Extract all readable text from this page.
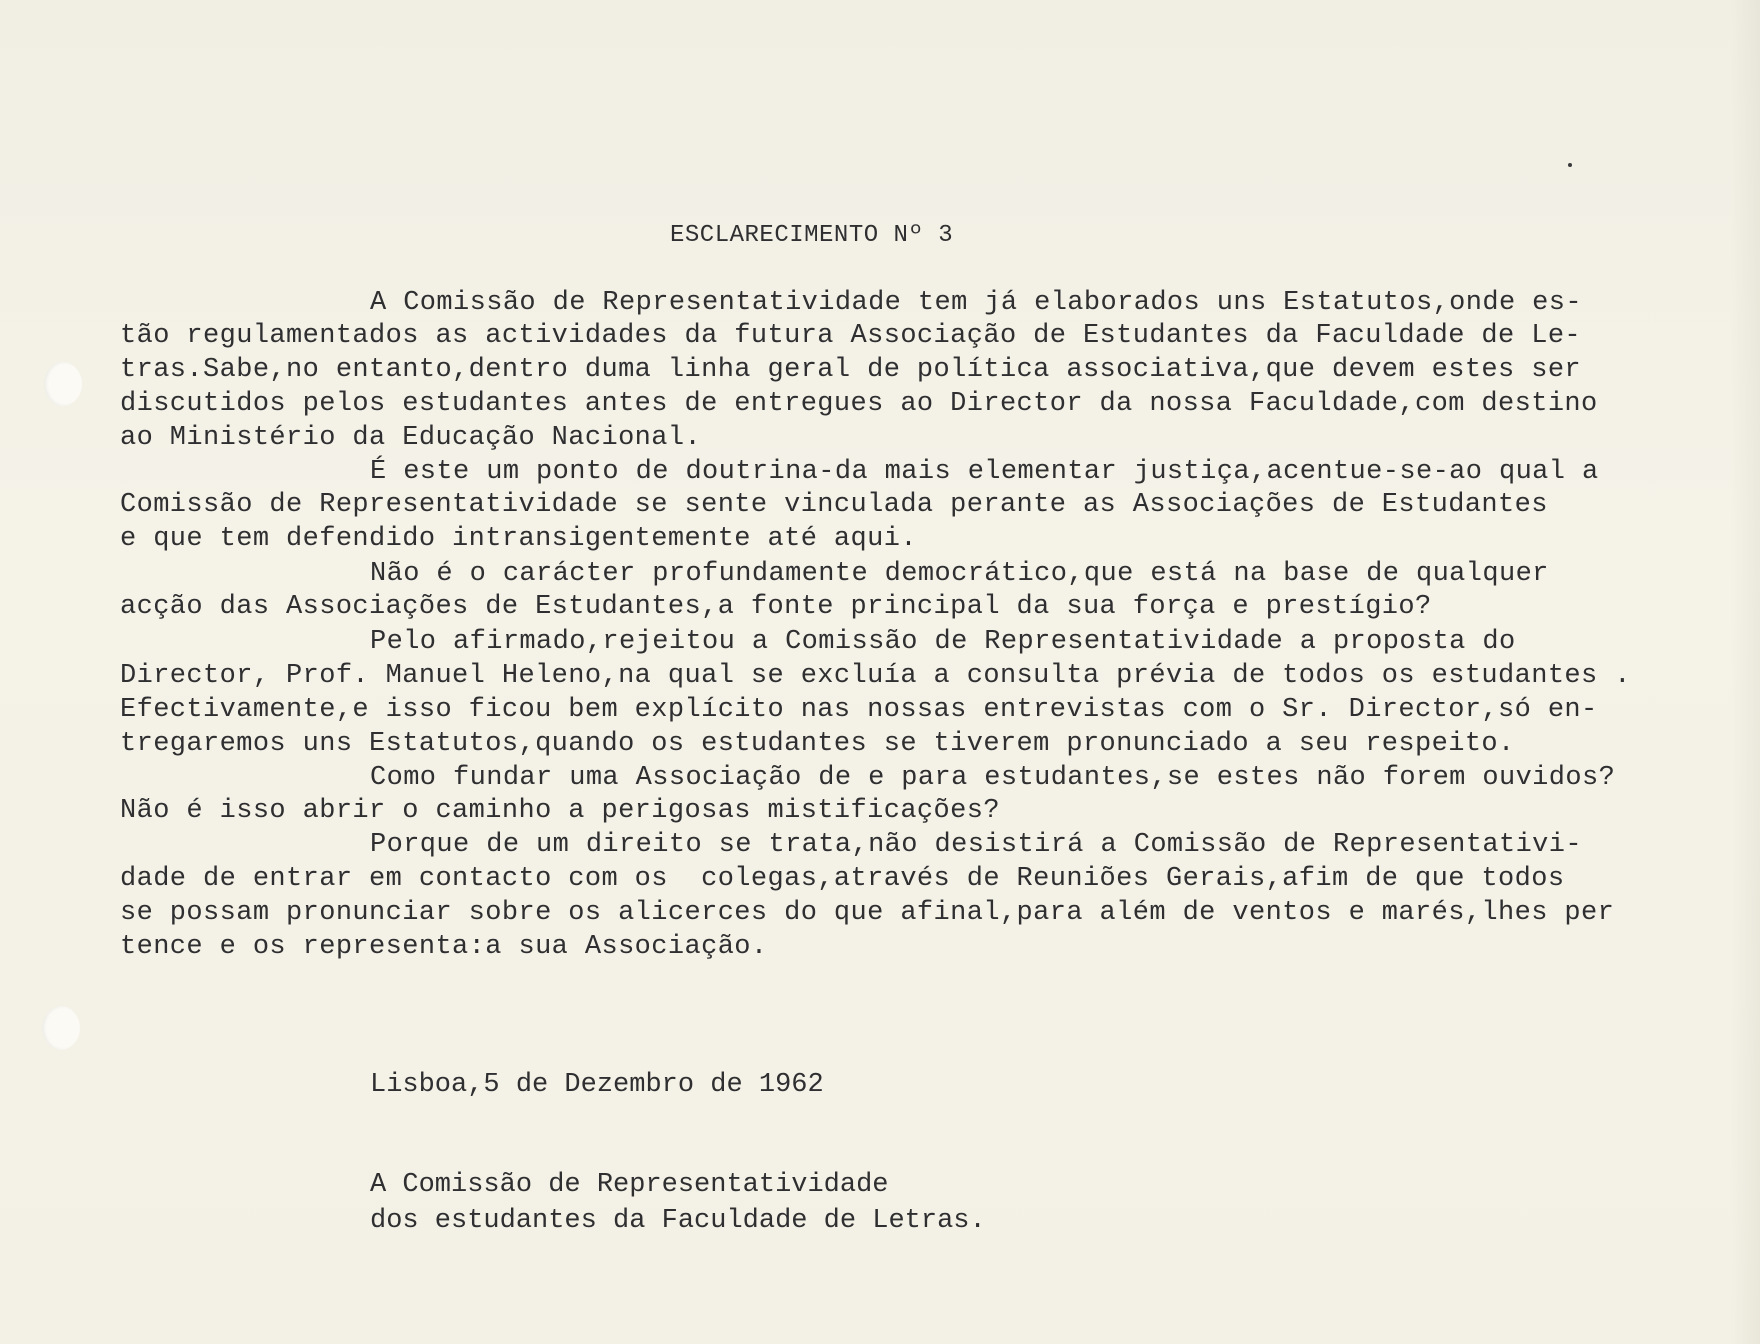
ESCLARECIMENTO Nº 3
A Comissão de Representatividade tem já elaborados uns Estatutos,onde es-
tão regulamentados as actividades da futura Associação de Estudantes da Faculdade de Le-
tras.Sabe,no entanto,dentro duma linha geral de política associativa,que devem estes ser
discutidos pelos estudantes antes de entregues ao Director da nossa Faculdade,com destino
ao Ministério da Educação Nacional.
É este um ponto de doutrina-da mais elementar justiça,acentue-se-ao qual a
Comissão de Representatividade se sente vinculada perante as Associações de Estudantes
e que tem defendido intransigentemente até aqui.
Não é o carácter profundamente democrático,que está na base de qualquer
acção das Associações de Estudantes,a fonte principal da sua força e prestígio?
Pelo afirmado,rejeitou a Comissão de Representatividade a proposta do
Director, Prof. Manuel Heleno,na qual se excluía a consulta prévia de todos os estudantes .
Efectivamente,e isso ficou bem explícito nas nossas entrevistas com o Sr. Director,só en-
tregaremos uns Estatutos,quando os estudantes se tiverem pronunciado a seu respeito.
Como fundar uma Associação de e para estudantes,se estes não forem ouvidos?
Não é isso abrir o caminho a perigosas mistificações?
Porque de um direito se trata,não desistirá a Comissão de Representativi-
dade de entrar em contacto com os  colegas,através de Reuniões Gerais,afim de que todos
se possam pronunciar sobre os alicerces do que afinal,para além de ventos e marés,lhes per
tence e os representa:a sua Associação.
Lisboa,5 de Dezembro de 1962
A Comissão de Representatividade
dos estudantes da Faculdade de Letras.
